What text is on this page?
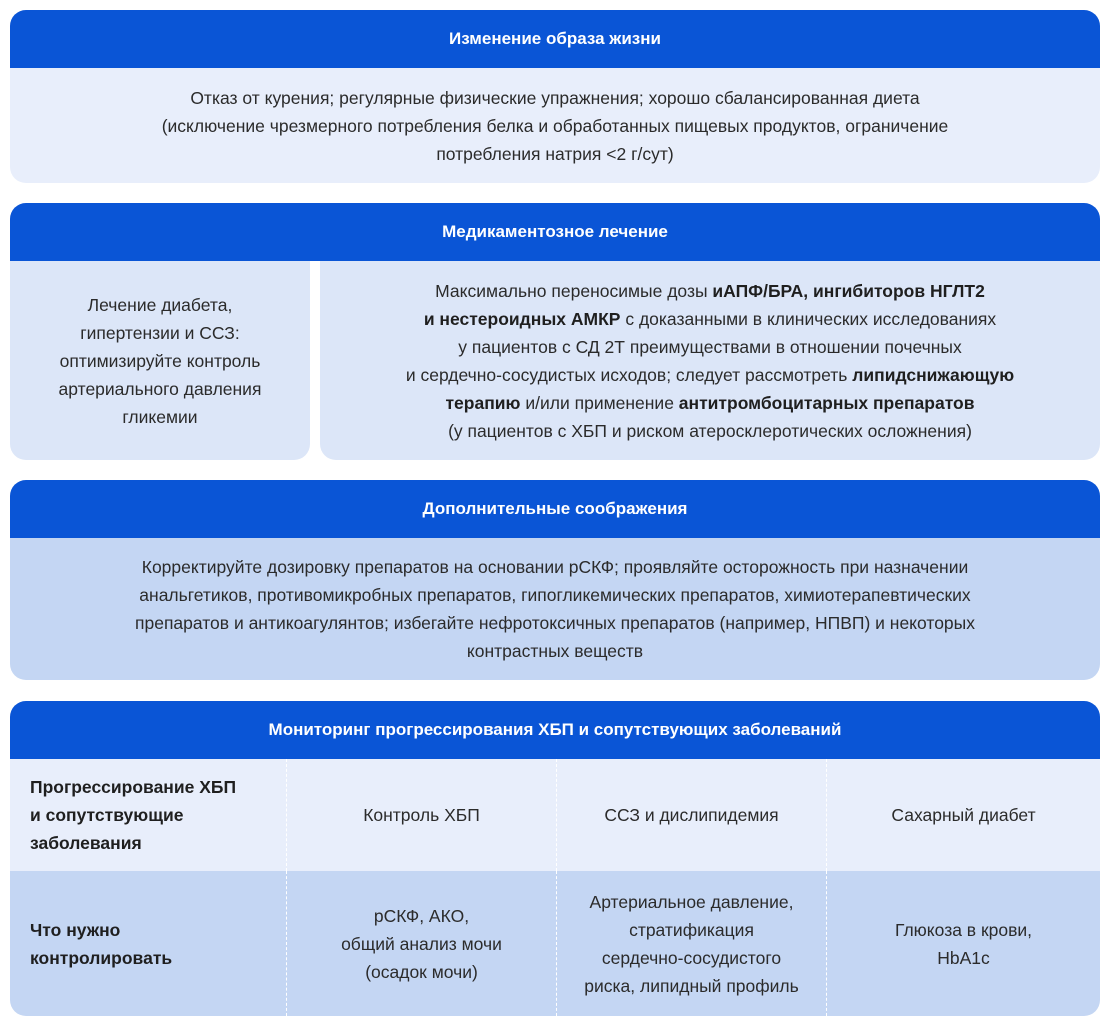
Изменение образа жизни
Отказ от курения; регулярные физические упражнения; хорошо сбалансированная диета
(исключение чрезмерного потребления белка и обработанных пищевых продуктов, ограничение
потребления натрия <2 г/сут)
Медикаментозное лечение
Лечение диабета,
гипертензии и ССЗ:
оптимизируйте контроль
артериального давления
гликемии
Максимально переносимые дозы иАПФ/БРА, ингибиторов НГЛТ2
и нестероидных АМКР с доказанными в клинических исследованиях
у пациентов с СД 2Т преимуществами в отношении почечных
и сердечно-сосудистых исходов; следует рассмотреть липидснижающую
терапию и/или применение антитромбоцитарных препаратов
(у пациентов с ХБП и риском атеросклеротических осложнения)
Дополнительные соображения
Корректируйте дозировку препаратов на основании рСКФ; проявляйте осторожность при назначении
анальгетиков, противомикробных препаратов, гипогликемических препаратов, химиотерапевтических
препаратов и антикоагулянтов; избегайте нефротоксичных препаратов (например, НПВП) и некоторых
контрастных веществ
Мониторинг прогрессирования ХБП и сопутствующих заболеваний
Прогрессирование ХБП
и сопутствующие
заболевания
Контроль ХБП	ССЗ и дислипидемия	Сахарный диабет
Что нужно
контролировать
рСКФ, АКО,
общий анализ мочи
(осадок мочи)
Артериальное давление,
стратификация
сердечно-сосудистого
риска, липидный профиль
Глюкоза в крови,
HbA1c
